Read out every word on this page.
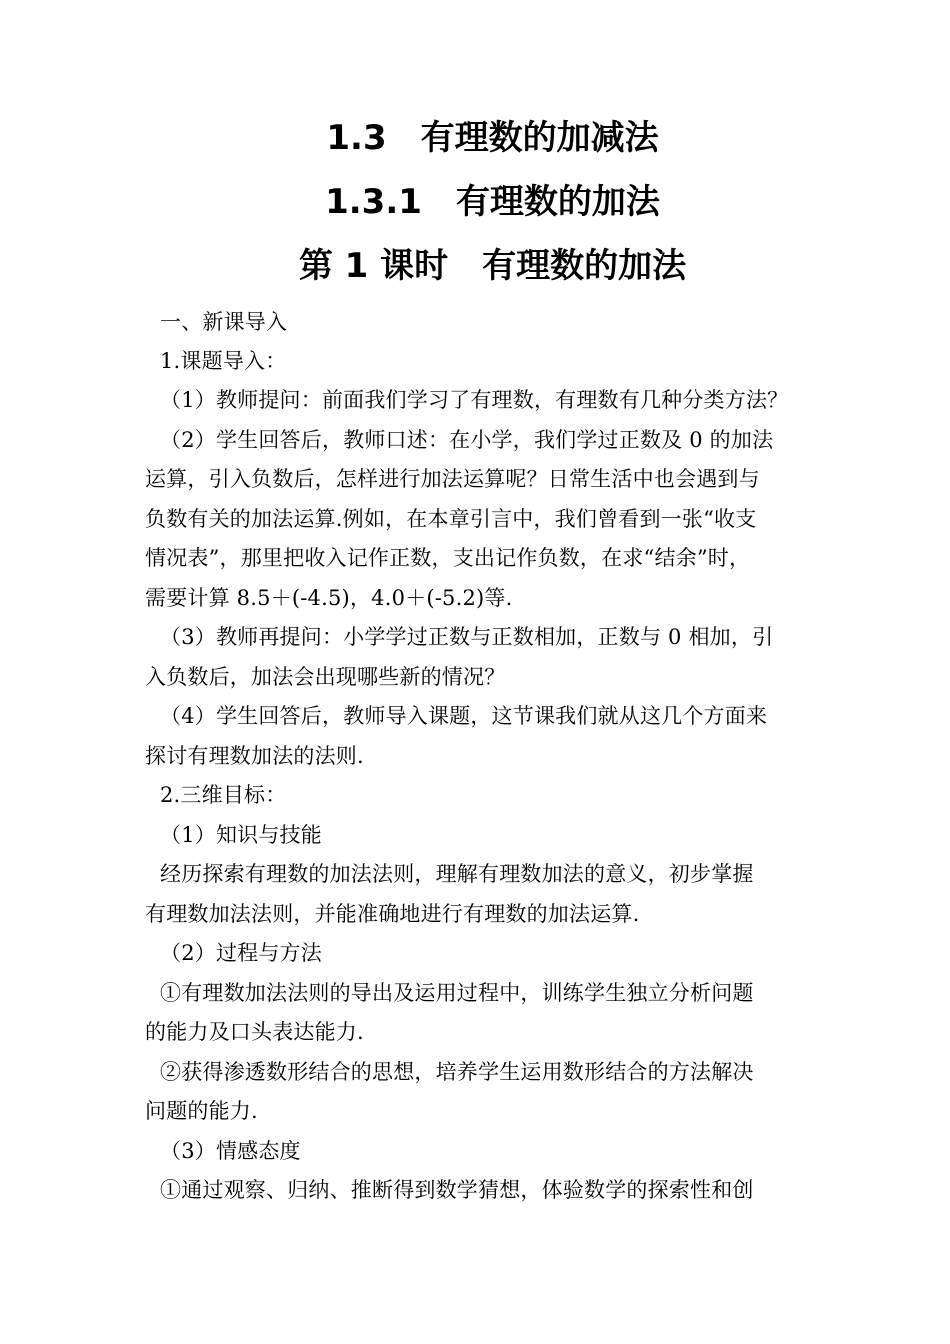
1.3　有理数的加减法
1.3.1　有理数的加法
第 1 课时　有理数的加法
一、新课导入
1.课题导入：
（1）教师提问：前面我们学习了有理数，有理数有几种分类方法？
（2）学生回答后，教师口述：在小学，我们学过正数及 0 的加法
运算，引入负数后，怎样进行加法运算呢？日常生活中也会遇到与
负数有关的加法运算.例如，在本章引言中，我们曾看到一张“收支
情况表”，那里把收入记作正数，支出记作负数，在求“结余”时，
需要计算 8.5＋(-4.5)，4.0＋(-5.2)等.
（3）教师再提问：小学学过正数与正数相加，正数与 0 相加，引
入负数后，加法会出现哪些新的情况？
（4）学生回答后，教师导入课题，这节课我们就从这几个方面来
探讨有理数加法的法则.
2.三维目标：
（1）知识与技能
经历探索有理数的加法法则，理解有理数加法的意义，初步掌握
有理数加法法则，并能准确地进行有理数的加法运算.
（2）过程与方法
①有理数加法法则的导出及运用过程中，训练学生独立分析问题
的能力及口头表达能力.
②获得渗透数形结合的思想，培养学生运用数形结合的方法解决
问题的能力.
（3）情感态度
①通过观察、归纳、推断得到数学猜想，体验数学的探索性和创
